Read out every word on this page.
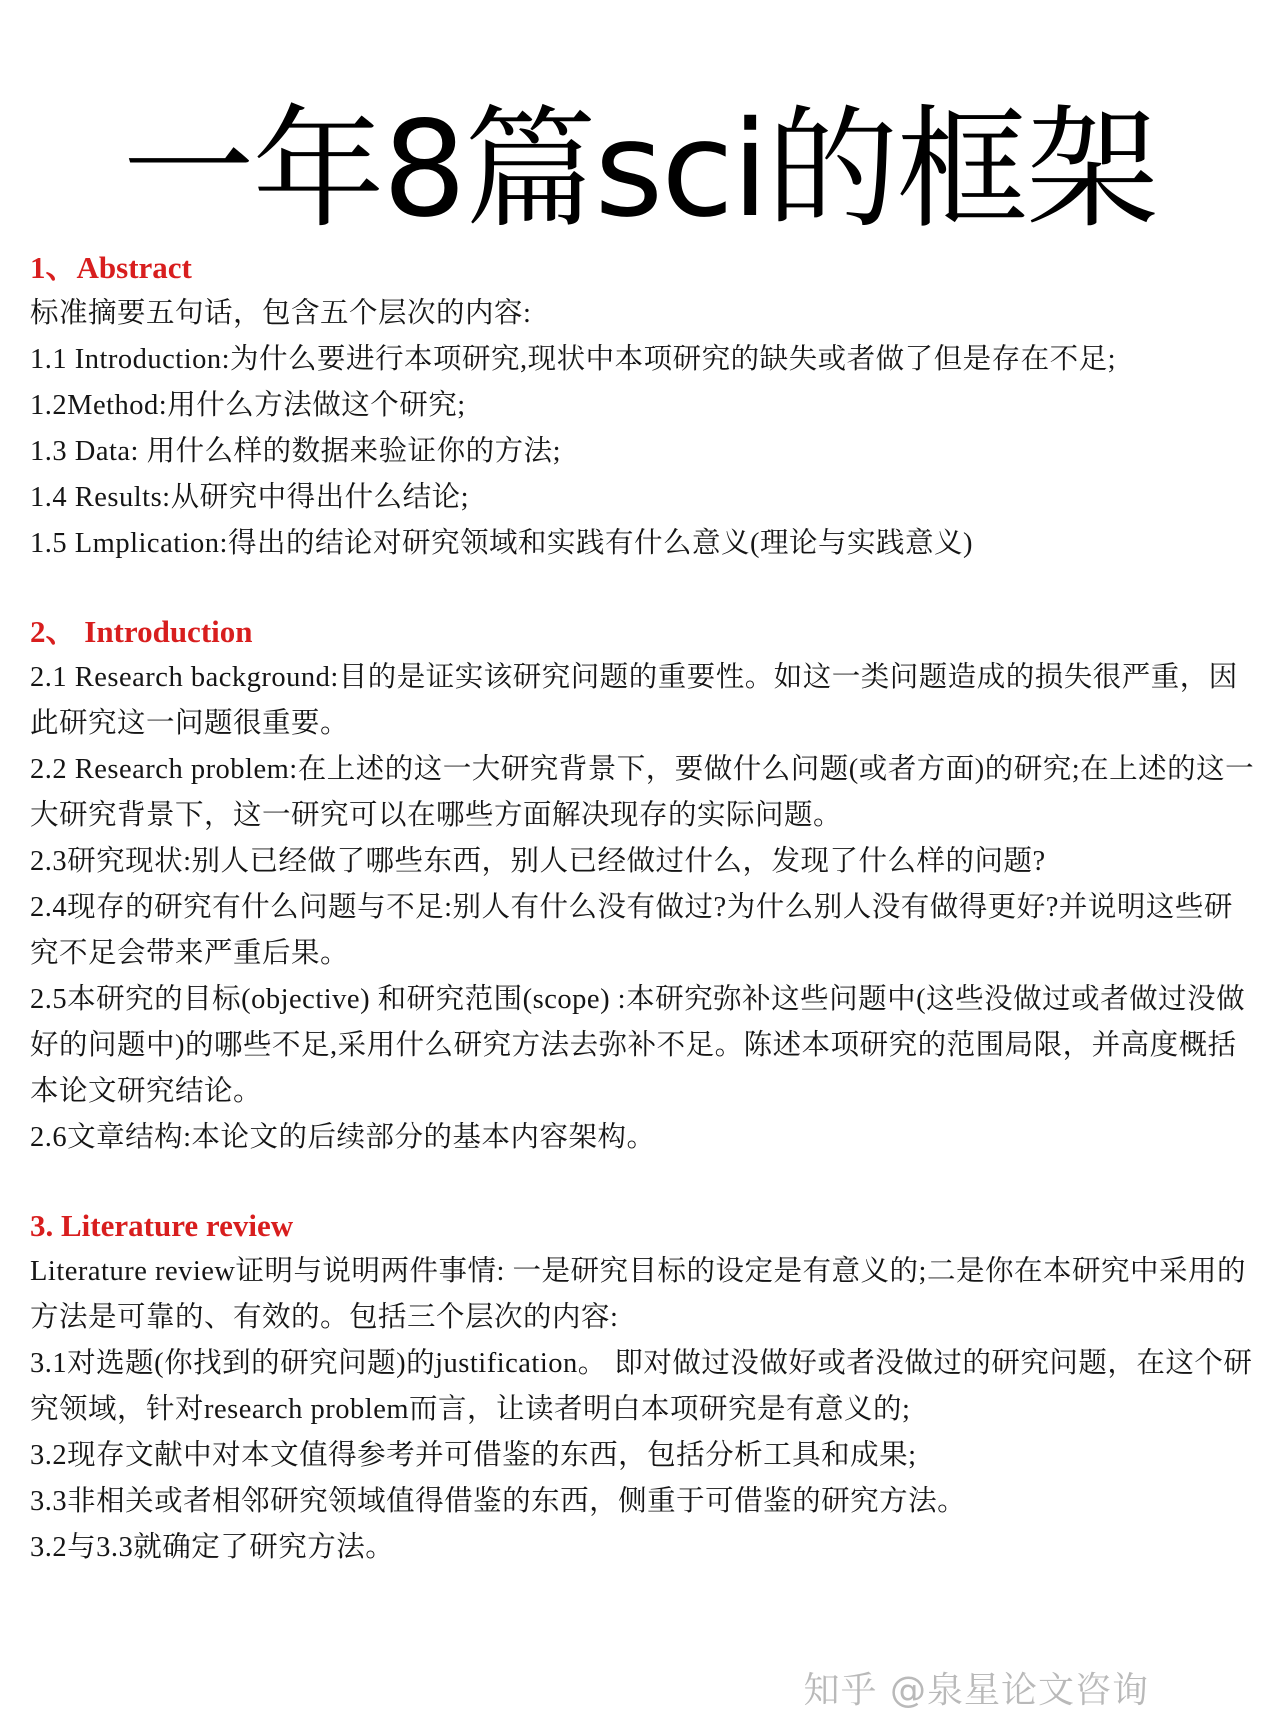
一年8篇sci的框架
1、Abstract

标准摘要五句话，包含五个层次的内容:

1.1 Introduction:为什么要进行本项研究,现状中本项研究的缺失或者做了但是存在不足;

1.2Method:用什么方法做这个研究;

1.3 Data: 用什么样的数据来验证你的方法;

1.4 Results:从研究中得出什么结论;

1.5 Lmplication:得出的结论对研究领域和实践有什么意义(理论与实践意义)

2、 Introduction

2.1 Research background:目的是证实该研究问题的重要性。如这一类问题造成的损失很严重，因此研究这一问题很重要。

2.2 Research problem:在上述的这一大研究背景下，要做什么问题(或者方面)的研究;在上述的这一大研究背景下，这一研究可以在哪些方面解决现存的实际问题。

2.3研究现状:别人已经做了哪些东西，别人已经做过什么，发现了什么样的问题?

2.4现存的研究有什么问题与不足:别人有什么没有做过?为什么别人没有做得更好?并说明这些研究不足会带来严重后果。

2.5本研究的目标(objective) 和研究范围(scope) :本研究弥补这些问题中(这些没做过或者做过没做好的问题中)的哪些不足,采用什么研究方法去弥补不足。陈述本项研究的范围局限，并高度概括本论文研究结论。

2.6文章结构:本论文的后续部分的基本内容架构。

3. Literature review

Literature review证明与说明两件事情: 一是研究目标的设定是有意义的;二是你在本研究中采用的方法是可靠的、有效的。包括三个层次的内容:

3.1对选题(你找到的研究问题)的justification。 即对做过没做好或者没做过的研究问题，在这个研究领域，针对research problem而言，让读者明白本项研究是有意义的;

3.2现存文献中对本文值得参考并可借鉴的东西，包括分析工具和成果;

3.3非相关或者相邻研究领域值得借鉴的东西，侧重于可借鉴的研究方法。

3.2与3.3就确定了研究方法。

知乎 @泉星论文咨询
